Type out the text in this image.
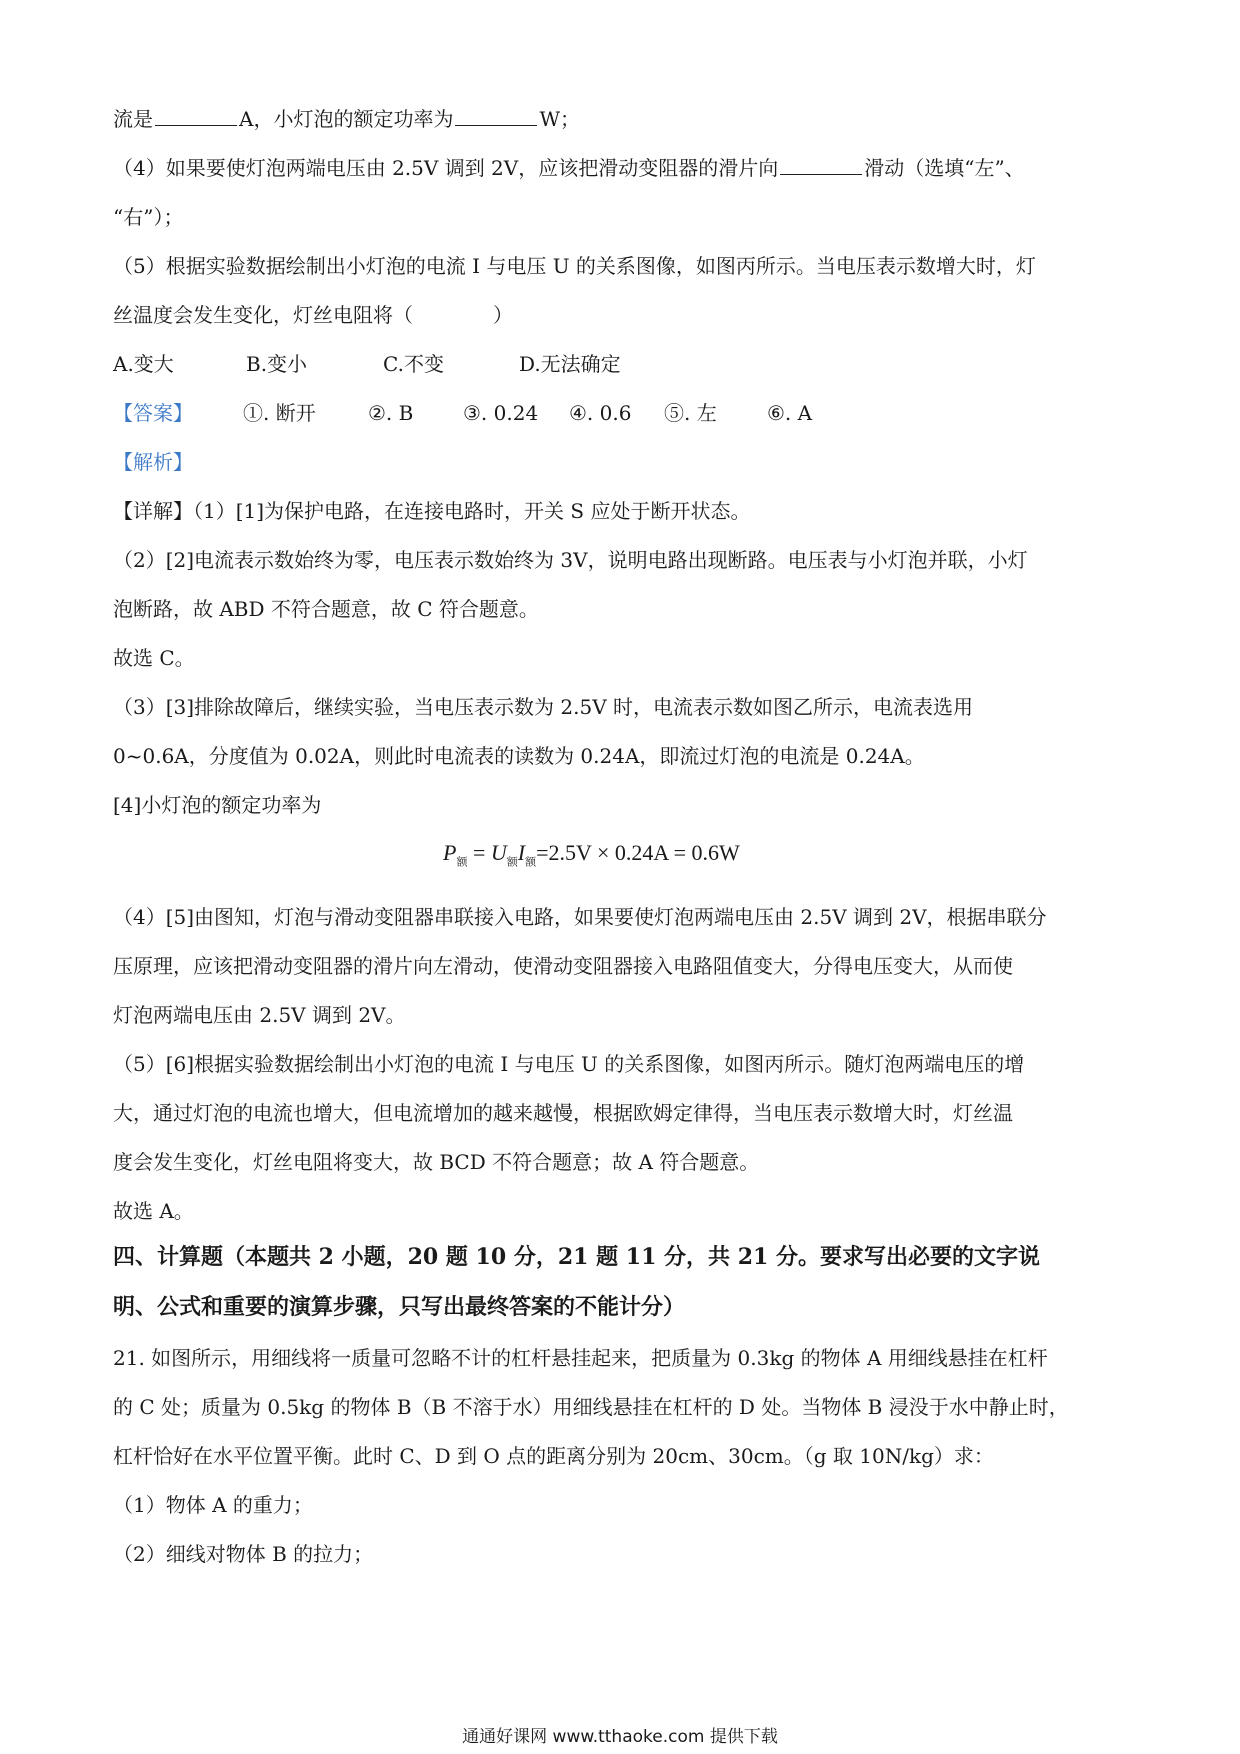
流是	A，小灯泡的额定功率为	W；
（4）如果要使灯泡两端电压由 2.5V 调到 2V，应该把滑动变阻器的滑片向	滑动（选填“左”、
“右”）；
（5）根据实验数据绘制出小灯泡的电流 I 与电压 U 的关系图像，如图丙所示。当电压表示数增大时，灯
丝温度会发生变化，灯丝电阻将（　　　　）
A.变大	B.变小	C.不变	D.无法确定
【答案】	①. 断开	②. B ③. 0.24 ④. 0.6 ⑤. 左	⑥. A
【解析】
【详解】（1）[1]为保护电路，在连接电路时，开关 S 应处于断开状态。
（2）[2]电流表示数始终为零，电压表示数始终为 3V，说明电路出现断路。电压表与小灯泡并联，小灯
泡断路，故 ABD 不符合题意，故 C 符合题意。
故选 C。
（3）[3]排除故障后，继续实验，当电压表示数为 2.5V 时，电流表示数如图乙所示，电流表选用
0~0.6A，分度值为 0.02A，则此时电流表的读数为 0.24A，即流过灯泡的电流是 0.24A。
[4]小灯泡的额定功率为
$P_额 = U_额I_额=2.5V \times 0.24A = 0.6W$
（4）[5]由图知，灯泡与滑动变阻器串联接入电路，如果要使灯泡两端电压由 2.5V 调到 2V，根据串联分
压原理，应该把滑动变阻器的滑片向左滑动，使滑动变阻器接入电路阻值变大，分得电压变大，从而使
灯泡两端电压由 2.5V 调到 2V。
（5）[6]根据实验数据绘制出小灯泡的电流 I 与电压 U 的关系图像，如图丙所示。随灯泡两端电压的增
大，通过灯泡的电流也增大，但电流增加的越来越慢，根据欧姆定律得，当电压表示数增大时，灯丝温
度会发生变化，灯丝电阻将变大，故 BCD 不符合题意；故 A 符合题意。
故选 A。
四、计算题（本题共 2 小题，20 题 10 分，21 题 11 分，共 21 分。要求写出必要的文字说
明、公式和重要的演算步骤，只写出最终答案的不能计分）
21. 如图所示，用细线将一质量可忽略不计的杠杆悬挂起来，把质量为 0.3kg 的物体 A 用细线悬挂在杠杆
的 C 处；质量为 0.5kg 的物体 B（B 不溶于水）用细线悬挂在杠杆的 D 处。当物体 B 浸没于水中静止时，
杠杆恰好在水平位置平衡。此时 C、D 到 O 点的距离分别为 20cm、30cm。（g 取 10N/kg）求：
（1）物体 A 的重力；
（2）细线对物体 B 的拉力；
通通好课网 www.tthaoke.com 提供下载
